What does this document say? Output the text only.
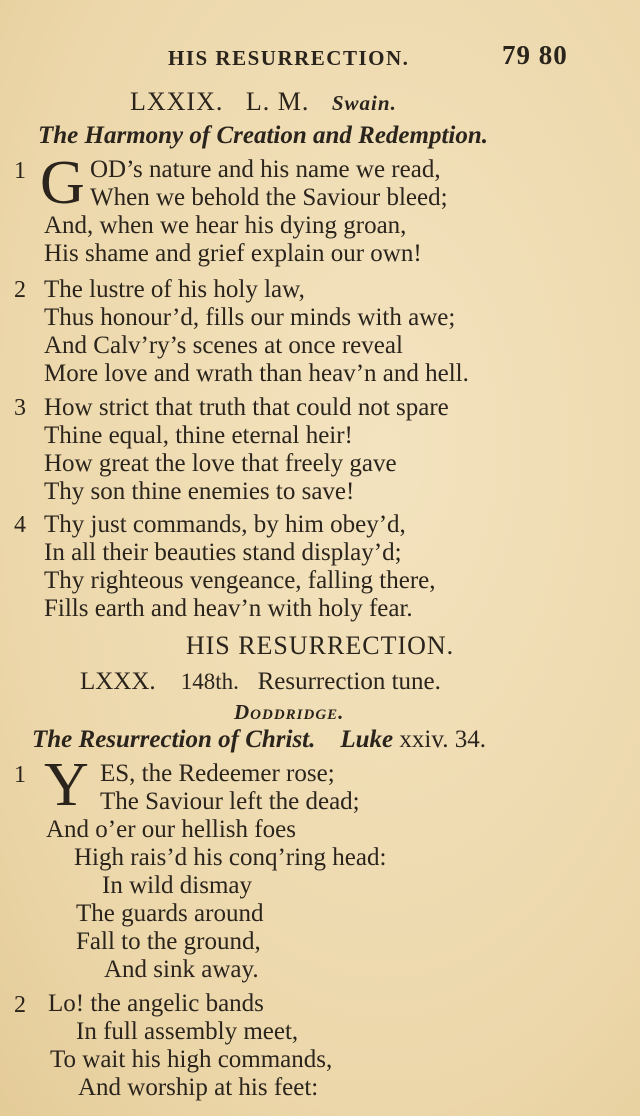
HIS RESURRECTION.	79 80
LXXIX. L. M. Swain.
The Harmony of Creation and Redemption.
1 G OD’s nature and his name we read,
When we behold the Saviour bleed;
And, when we hear his dying groan,
His shame and grief explain our own!
2 The lustre of his holy law,
Thus honour’d, fills our minds with awe;
And Calv’ry’s scenes at once reveal
More love and wrath than heav’n and hell.
3 How strict that truth that could not spare
Thine equal, thine eternal heir!
How great the love that freely gave
Thy son thine enemies to save!
4 Thy just commands, by him obey’d,
In all their beauties stand display’d;
Thy righteous vengeance, falling there,
Fills earth and heav’n with holy fear.
HIS RESURRECTION.
LXXX. 148th. Resurrection tune.
Doddridge.
The Resurrection of Christ. Luke xxiv. 34.
1 Y ES, the Redeemer rose;
The Saviour left the dead;
And o’er our hellish foes
High rais’d his conq’ring head:
In wild dismay
The guards around
Fall to the ground,
And sink away.
2 Lo! the angelic bands
In full assembly meet,
To wait his high commands,
And worship at his feet:
